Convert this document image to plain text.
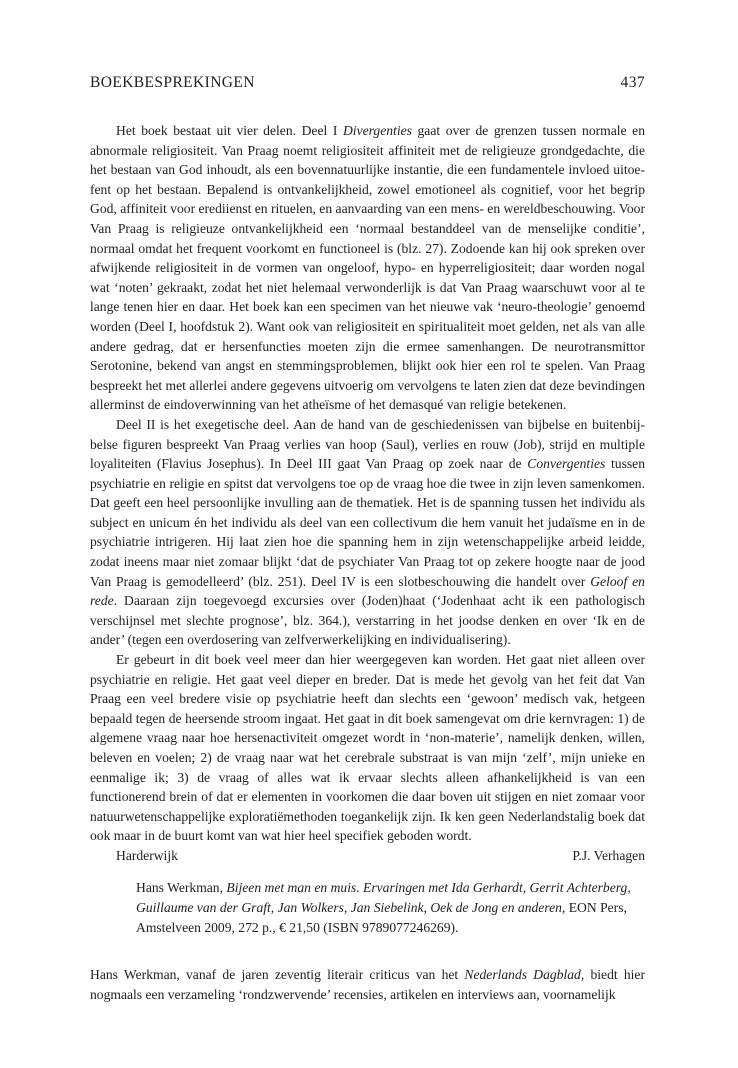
BOEKBESPREKINGEN	437

Het boek bestaat uit vier delen. Deel I Divergenties gaat over de grenzen tussen normale en abnormale religiositeit. Van Praag noemt religiositeit affiniteit met de religieuze grondgedachte, die het bestaan van God inhoudt, als een bovennatuurlijke instantie, die een fundamentele invloed uitoefent op het bestaan. Bepalend is ontvankelijkheid, zowel emotioneel als cognitief, voor het begrip God, affiniteit voor erediienst en rituelen, en aanvaarding van een mens- en wereldbeschouwing. Voor Van Praag is religieuze ontvankelijkheid een ‘normaal bestanddeel van de menselijke conditie’, normaal omdat het frequent voorkomt en functioneel is (blz. 27). Zodoende kan hij ook spreken over afwijkende religiositeit in de vormen van ongeloof, hypo- en hyperreligiositeit; daar worden nogal wat ‘noten’ gekraakt, zodat het niet helemaal verwonderlijk is dat Van Praag waarschuwt voor al te lange tenen hier en daar. Het boek kan een specimen van het nieuwe vak ‘neuro-theologie’ genoemd worden (Deel I, hoofdstuk 2). Want ook van religiositeit en spiritualiteit moet gelden, net als van alle andere gedrag, dat er hersenfuncties moeten zijn die ermee samenhangen. De neurotransmittor Serotonine, bekend van angst en stemmingsproblemen, blijkt ook hier een rol te spelen. Van Praag bespreekt het met allerlei andere gegevens uitvoerig om vervolgens te laten zien dat deze bevindingen allerminst de eindoverwinning van het atheïsme of het demasqué van religie betekenen.

Deel II is het exegetische deel. Aan de hand van de geschiedenissen van bijbelse en buitenbijbelse figuren bespreekt Van Praag verlies van hoop (Saul), verlies en rouw (Job), strijd en multiple loyaliteiten (Flavius Josephus). In Deel III gaat Van Praag op zoek naar de Convergenties tussen psychiatrie en religie en spitst dat vervolgens toe op de vraag hoe die twee in zijn leven samenkomen. Dat geeft een heel persoonlijke invulling aan de thematiek. Het is de spanning tussen het individu als subject en unicum én het individu als deel van een collectivum die hem vanuit het judaïsme en in de psychiatrie intrigeren. Hij laat zien hoe die spanning hem in zijn wetenschappelijke arbeid leidde, zodat ineens maar niet zomaar blijkt ‘dat de psychiater Van Praag tot op zekere hoogte naar de jood Van Praag is gemodelleerd’ (blz. 251). Deel IV is een slotbeschouwing die handelt over Geloof en rede. Daaraan zijn toegevoegd excursies over (Joden)haat (‘Jodenhaat acht ik een pathologisch verschijnsel met slechte prognose’, blz. 364.), verstarring in het joodse denken en over ‘Ik en de ander’ (tegen een overdosering van zelfverwerkelijking en individualisering).

Er gebeurt in dit boek veel meer dan hier weergegeven kan worden. Het gaat niet alleen over psychiatrie en religie. Het gaat veel dieper en breder. Dat is mede het gevolg van het feit dat Van Praag een veel bredere visie op psychiatrie heeft dan slechts een ‘gewoon’ medisch vak, hetgeen bepaald tegen de heersende stroom ingaat. Het gaat in dit boek samengevat om drie kernvragen: 1) de algemene vraag naar hoe hersenactiviteit omgezet wordt in ‘non-materie’, namelijk denken, willen, beleven en voelen; 2) de vraag naar wat het cerebrale substraat is van mijn ‘zelf’, mijn unieke en eenmalige ik; 3) de vraag of alles wat ik ervaar slechts alleen afhankelijkheid is van een functionerend brein of dat er elementen in voorkomen die daar boven uit stijgen en niet zomaar voor natuurwetenschappelijke exploratiëmethoden toegankelijk zijn. Ik ken geen Nederlandstalig boek dat ook maar in de buurt komt van wat hier heel specifiek geboden wordt.

Harderwijk	P.J. Verhagen

Hans Werkman, Bijeen met man en muis. Ervaringen met Ida Gerhardt, Gerrit Achterberg, Guillaume van der Graft, Jan Wolkers, Jan Siebelink, Oek de Jong en anderen, EON Pers, Amstelveen 2009, 272 p., € 21,50 (ISBN 9789077246269).

Hans Werkman, vanaf de jaren zeventig literair criticus van het Nederlands Dagblad, biedt hier nogmaals een verzameling ‘rondzwervende’ recensies, artikelen en interviews aan, voornamelijk
